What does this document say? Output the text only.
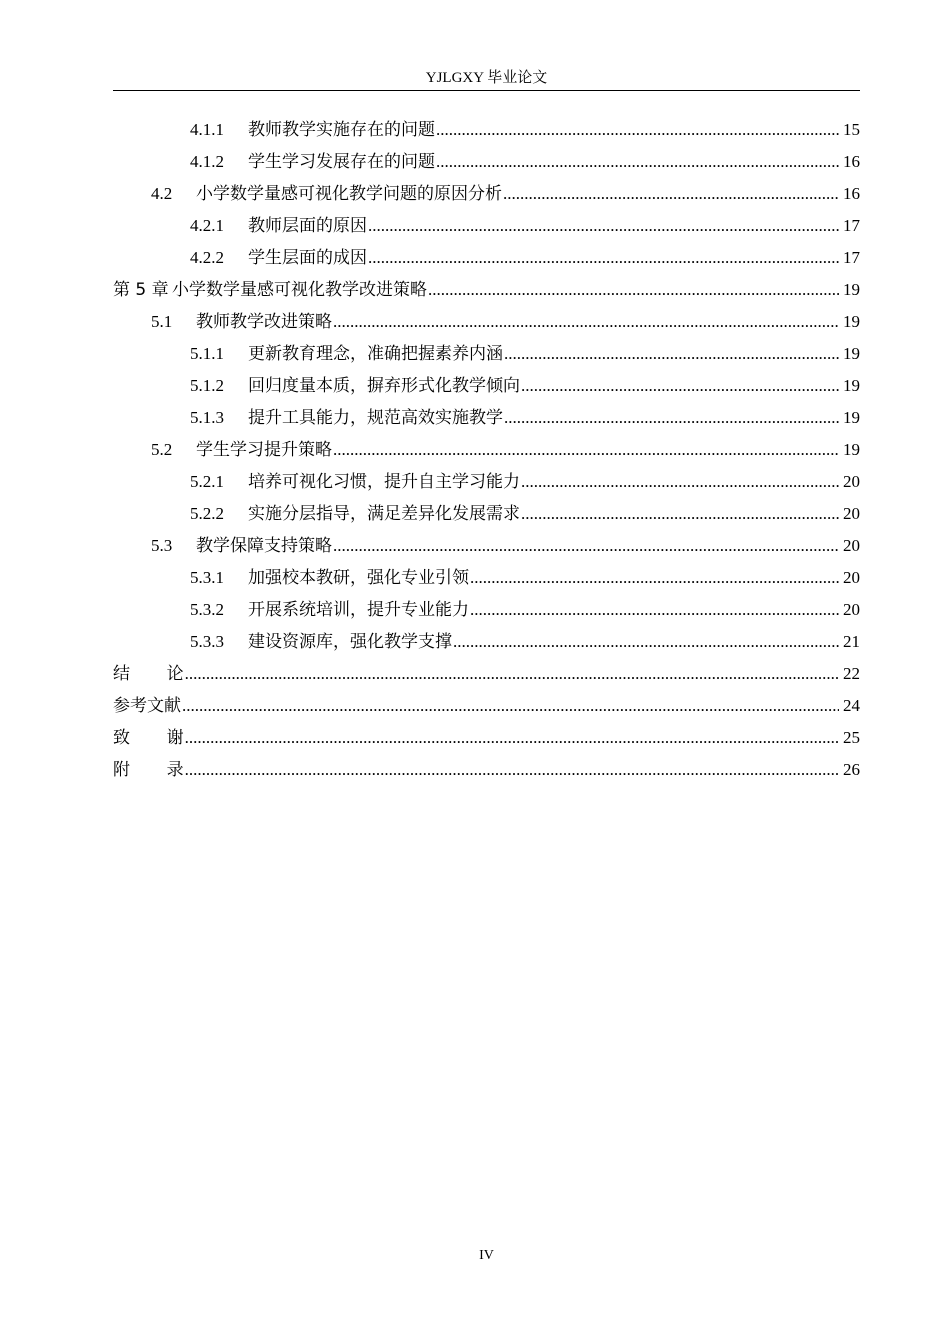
YJLGXY 毕业论文
4.1.1	教师教学实施存在的问题 .....	15
4.1.2	学生学习发展存在的问题 .....	16
4.2	小学数学量感可视化教学问题的原因分析 .....	16
4.2.1	教师层面的原因 .....	17
4.2.2	学生层面的成因 .....	17
第 5 章 小学数学量感可视化教学改进策略 .....	19
5.1	教师教学改进策略 .....	19
5.1.1	更新教育理念，准确把握素养内涵 .....	19
5.1.2	回归度量本质，摒弃形式化教学倾向 .....	19
5.1.3	提升工具能力，规范高效实施教学 .....	19
5.2	学生学习提升策略 .....	19
5.2.1	培养可视化习惯，提升自主学习能力 .....	20
5.2.2	实施分层指导，满足差异化发展需求 .....	20
5.3	教学保障支持策略 .....	20
5.3.1	加强校本教研，强化专业引领 .....	20
5.3.2	开展系统培训，提升专业能力 .....	20
5.3.3	建设资源库，强化教学支撑 .....	21
结论 .....	22
参考文献 .....	24
致谢 .....	25
附录 .....	26
IV
